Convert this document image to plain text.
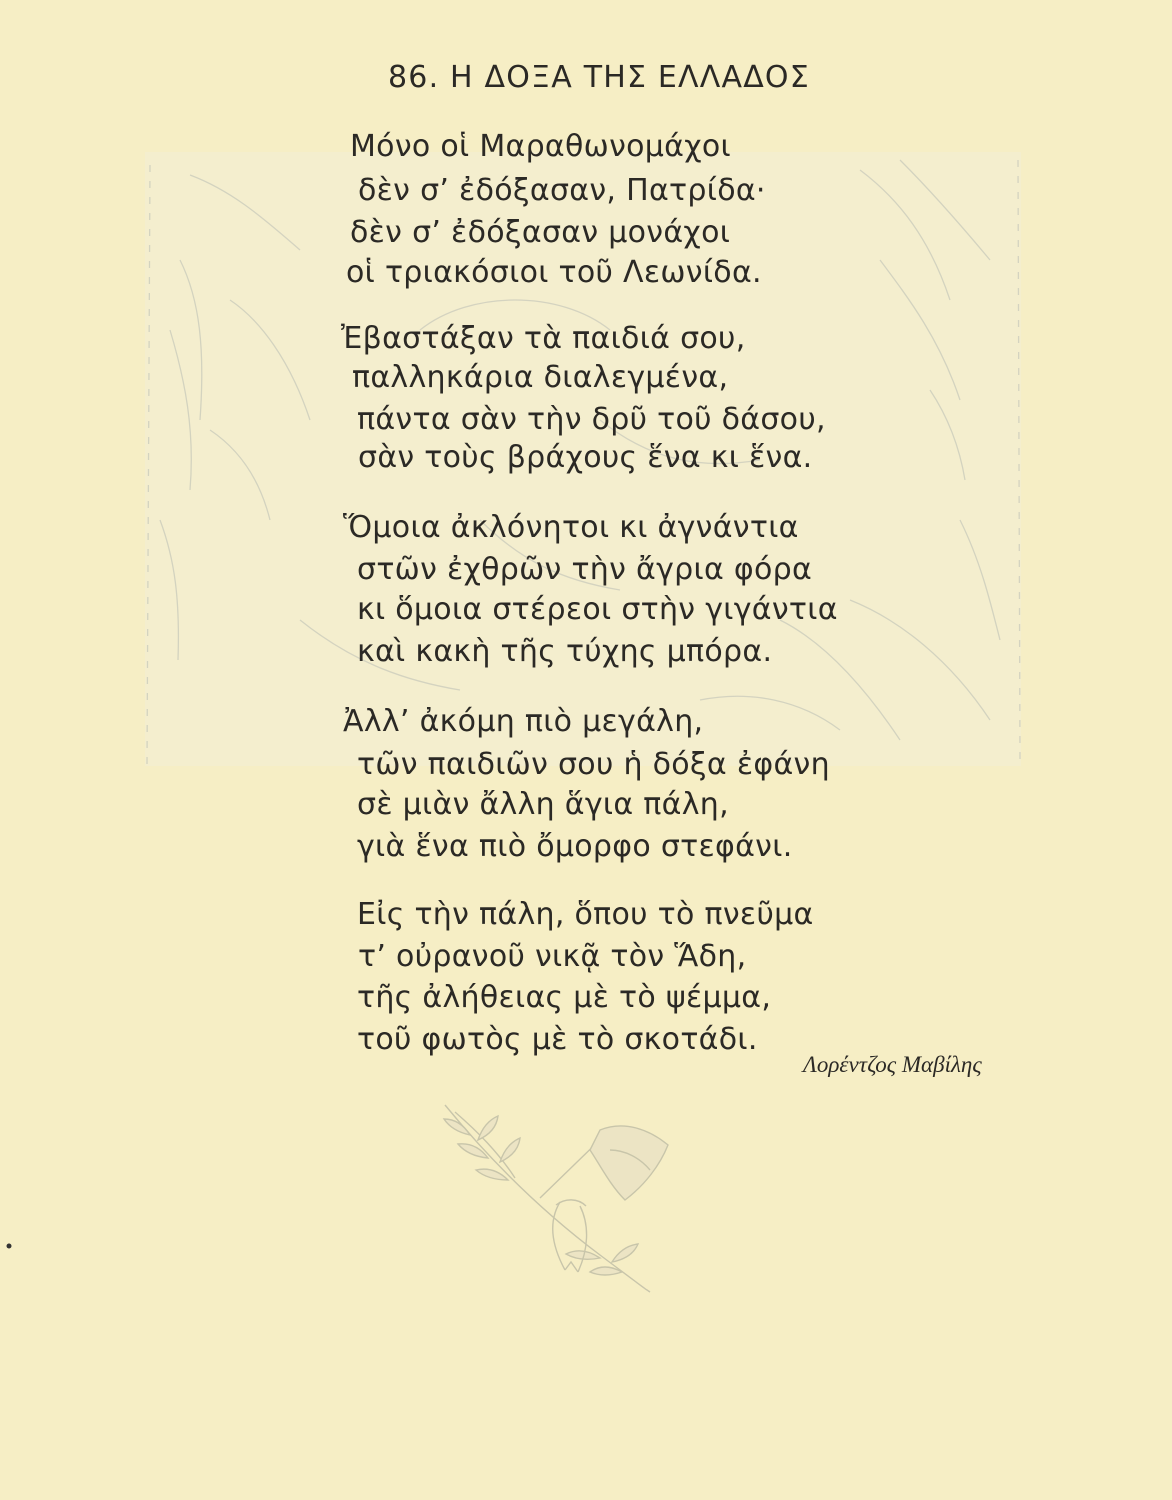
86. Η ΔΟΞΑ ΤΗΣ ΕΛΛΑΔΟΣ
Μόνο οἱ Μαραθωνομάχοι
δὲν σ’ ἐδόξασαν, Πατρίδα·
δὲν σ’ ἐδόξασαν μονάχοι
οἱ τριακόσιοι τοῦ Λεωνίδα.
Ἐβαστάξαν τὰ παιδιά σου,
παλληκάρια διαλεγμένα,
πάντα σὰν τὴν δρῦ τοῦ δάσου,
σὰν τοὺς βράχους ἕνα κι ἕνα.
Ὅμοια ἀκλόνητοι κι ἀγνάντια
στῶν ἐχθρῶν τὴν ἄγρια φόρα
κι ὅμοια στέρεοι στὴν γιγάντια
καὶ κακὴ τῆς τύχης μπόρα.
Ἀλλ’ ἀκόμη πιὸ μεγάλη,
τῶν παιδιῶν σου ἡ δόξα ἐφάνη
σὲ μιὰν ἄλλη ἅγια πάλη,
γιὰ ἕνα πιὸ ὄμορφο στεφάνι.
Εἰς τὴν πάλη, ὅπου τὸ πνεῦμα
τ’ οὐρανοῦ νικᾷ τὸν Ἅδη,
τῆς ἀλήθειας μὲ τὸ ψέμμα,
τοῦ φωτὸς μὲ τὸ σκοτάδι.
Λορέντζος Μαβίλης
